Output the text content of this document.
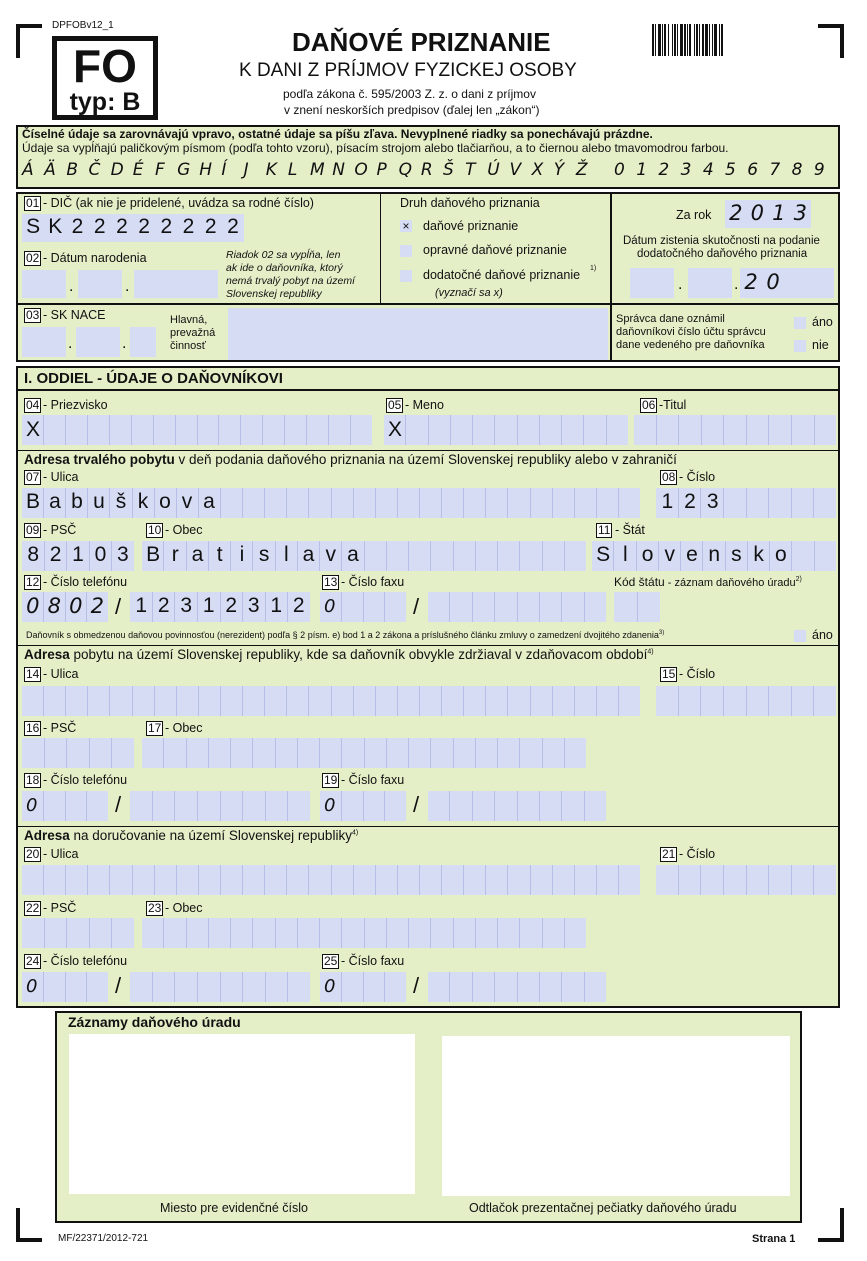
DPFOBv12_1
FO
typ: B
DAŇOVÉ PRIZNANIE
K DANI Z PRÍJMOV FYZICKEJ OSOBY
podľa zákona č. 595/2003 Z. z. o dani z príjmov
v znení neskorších predpisov (ďalej len „zákon“)
Číselné údaje sa zarovnávajú vpravo, ostatné údaje sa píšu zľava. Nevyplnené riadky sa ponechávajú prázdne.
Údaje sa vypĺňajú paličkovým písmom (podľa tohto vzoru), písacím strojom alebo tlačiarňou, a to čiernou alebo tmavomodrou farbou.
Á Ä B Č D É F G H Í	J	K L M N O P Q R Š T Ú V X Ý Ž	0 1 2 3 4 5 6 7 8 9
01 - DIČ (ak nie je pridelené, uvádza sa rodné číslo)
S K 2 2 2 2 2 2 2 2
02 - Dátum narodenia
.	.
Riadok 02 sa vypĺňa, len
ak ide o daňovníka, ktorý
nemá trvalý pobyt na území
Slovenskej republiky
Druh daňového priznania
× daňové priznanie
opravné daňové priznanie
dodatočné daňové priznanie 1)
(vyznačí sa x)
Za rok 2 0 1 3
Dátum zistenia skutočnosti na podanie
dodatočného daňového priznania
.	. 2 0
03 - SK NACE
.	.
Hlavná,
prevažná
činnosť
Správca dane oznámil
daňovníkovi číslo účtu správcu
dane vedeného pre daňovníka
áno
nie
I. ODDIEL - ÚDAJE O DAŇOVNÍKOVI
04 - Priezvisko
X
05 - Meno
X
06 -Titul
Adresa trvalého pobytu v deň podania daňového priznania na území Slovenskej republiky alebo v zahraničí
07 - Ulica
B a b u š k o v a
08 - Číslo
1 2 3
09 - PSČ
8 2 1 0 3
10 - Obec
B r a t i s l a v a
11 - Štát
S l o v e n s k o
12 - Číslo telefónu
0 8 0 2 / 1 2 3 1 2 3 1 2
13 - Číslo faxu
0	/
Kód štátu - záznam daňového úradu$^{2)}$
Daňovník s obmedzenou daňovou povinnosťou (nerezident) podľa § 2 písm. e) bod 1 a 2 zákona a príslušného článku zmluvy o zamedzení dvojitého zdanenia$^{3)}$	áno
Adresa pobytu na území Slovenskej republiky, kde sa daňovník obvykle zdržiaval v zdaňovacom období$^{4)}$
14 - Ulica	15 - Číslo
16 - PSČ	17 - Obec
18 - Číslo telefónu
0	/
19 - Číslo faxu
0	/
Adresa na doručovanie na území Slovenskej republiky$^{4)}$
20 - Ulica	21 - Číslo
22 - PSČ	23 - Obec
24 - Číslo telefónu
0	/
25 - Číslo faxu
0	/
Záznamy daňového úradu
Miesto pre evidenčné číslo	Odtlačok prezentačnej pečiatky daňového úradu
MF/22371/2012-721	Strana 1
